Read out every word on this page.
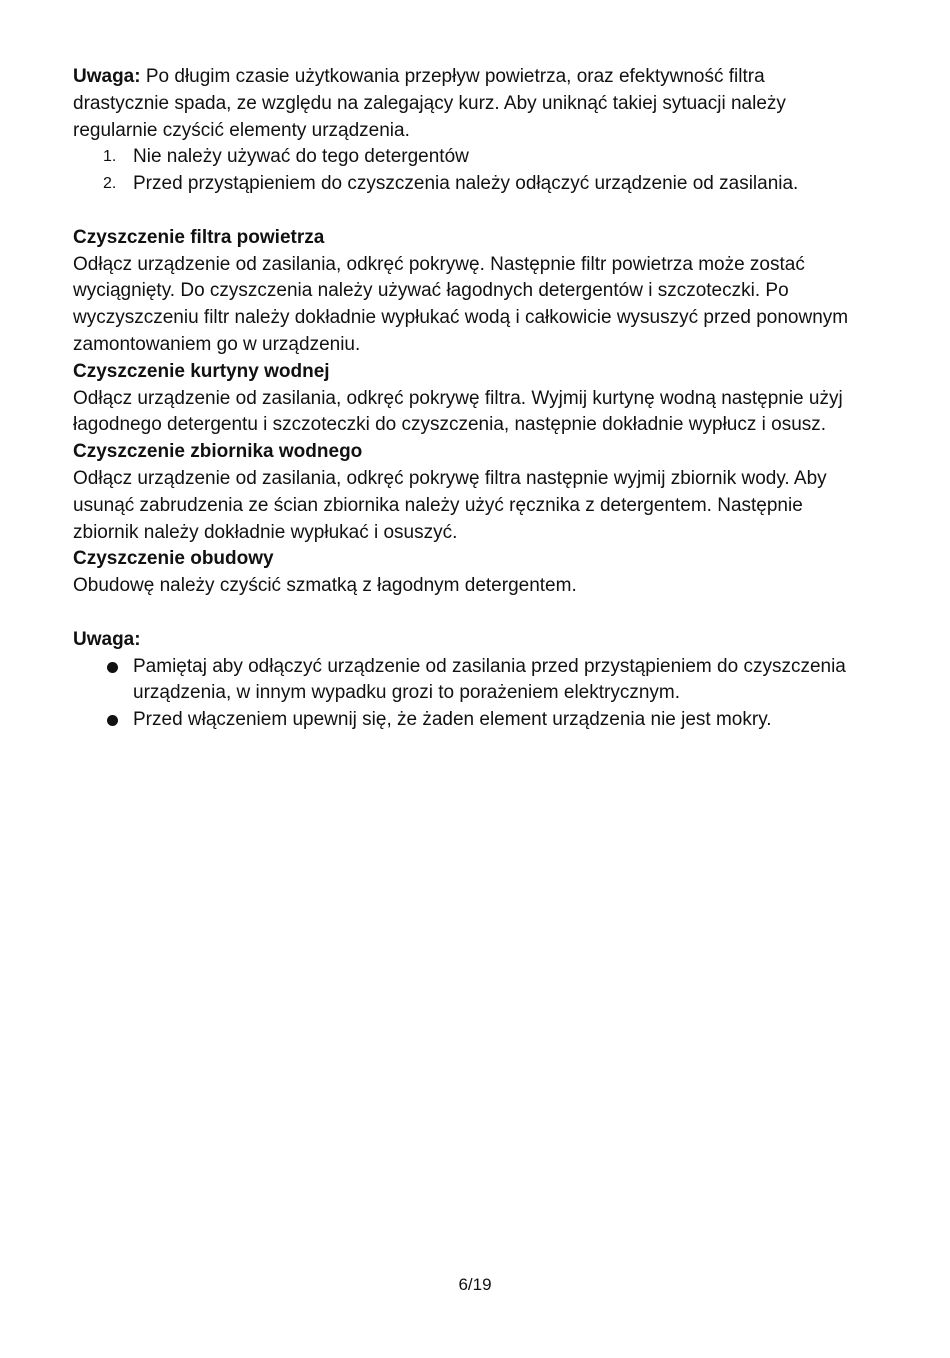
Uwaga: Po długim czasie użytkowania przepływ powietrza, oraz efektywność filtra drastycznie spada, ze względu na zalegający kurz. Aby uniknąć takiej sytuacji należy regularnie czyścić elementy urządzenia.

1. Nie należy używać do tego detergentów
2. Przed przystąpieniem do czyszczenia należy odłączyć urządzenie od zasilania.

Czyszczenie filtra powietrza

Odłącz urządzenie od zasilania, odkręć pokrywę. Następnie filtr powietrza może zostać wyciągnięty. Do czyszczenia należy używać łagodnych detergentów i szczoteczki. Po wyczyszczeniu filtr należy dokładnie wypłukać wodą i całkowicie wysuszyć przed ponownym zamontowaniem go w urządzeniu.

Czyszczenie kurtyny wodnej

Odłącz urządzenie od zasilania, odkręć pokrywę filtra. Wyjmij kurtynę wodną następnie użyj łagodnego detergentu i szczoteczki do czyszczenia, następnie dokładnie wypłucz i osusz.

Czyszczenie zbiornika wodnego

Odłącz urządzenie od zasilania, odkręć pokrywę filtra następnie wyjmij zbiornik wody. Aby usunąć zabrudzenia ze ścian zbiornika należy użyć ręcznika z detergentem. Następnie zbiornik należy dokładnie wypłukać i osuszyć.

Czyszczenie obudowy

Obudowę należy czyścić szmatką z łagodnym detergentem.

Uwaga:

Pamiętaj aby odłączyć urządzenie od zasilania przed przystąpieniem do czyszczenia urządzenia, w innym wypadku grozi to porażeniem elektrycznym.
Przed włączeniem upewnij się, że żaden element urządzenia nie jest mokry.
6/19
